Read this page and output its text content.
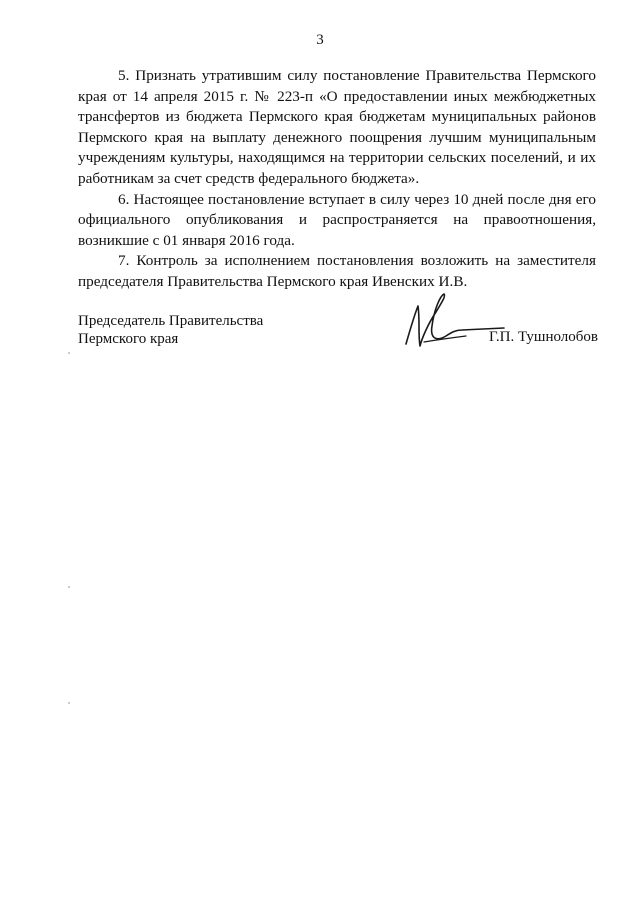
3

5. Признать утратившим силу постановление Правительства Пермского края от 14 апреля 2015 г. № 223-п «О предоставлении иных межбюджетных трансфертов из бюджета Пермского края бюджетам муниципальных районов Пермского края на выплату денежного поощрения лучшим муниципальным учреждениям культуры, находящимся на территории сельских поселений, и их работникам за счет средств федерального бюджета».

6. Настоящее постановление вступает в силу через 10 дней после дня его официального опубликования и распространяется на правоотношения, возникшие с 01 января 2016 года.

7. Контроль за исполнением постановления возложить на заместителя председателя Правительства Пермского края Ивенских И.В.

Председатель Правительства
Пермского края	Г.П. Тушнолобов
